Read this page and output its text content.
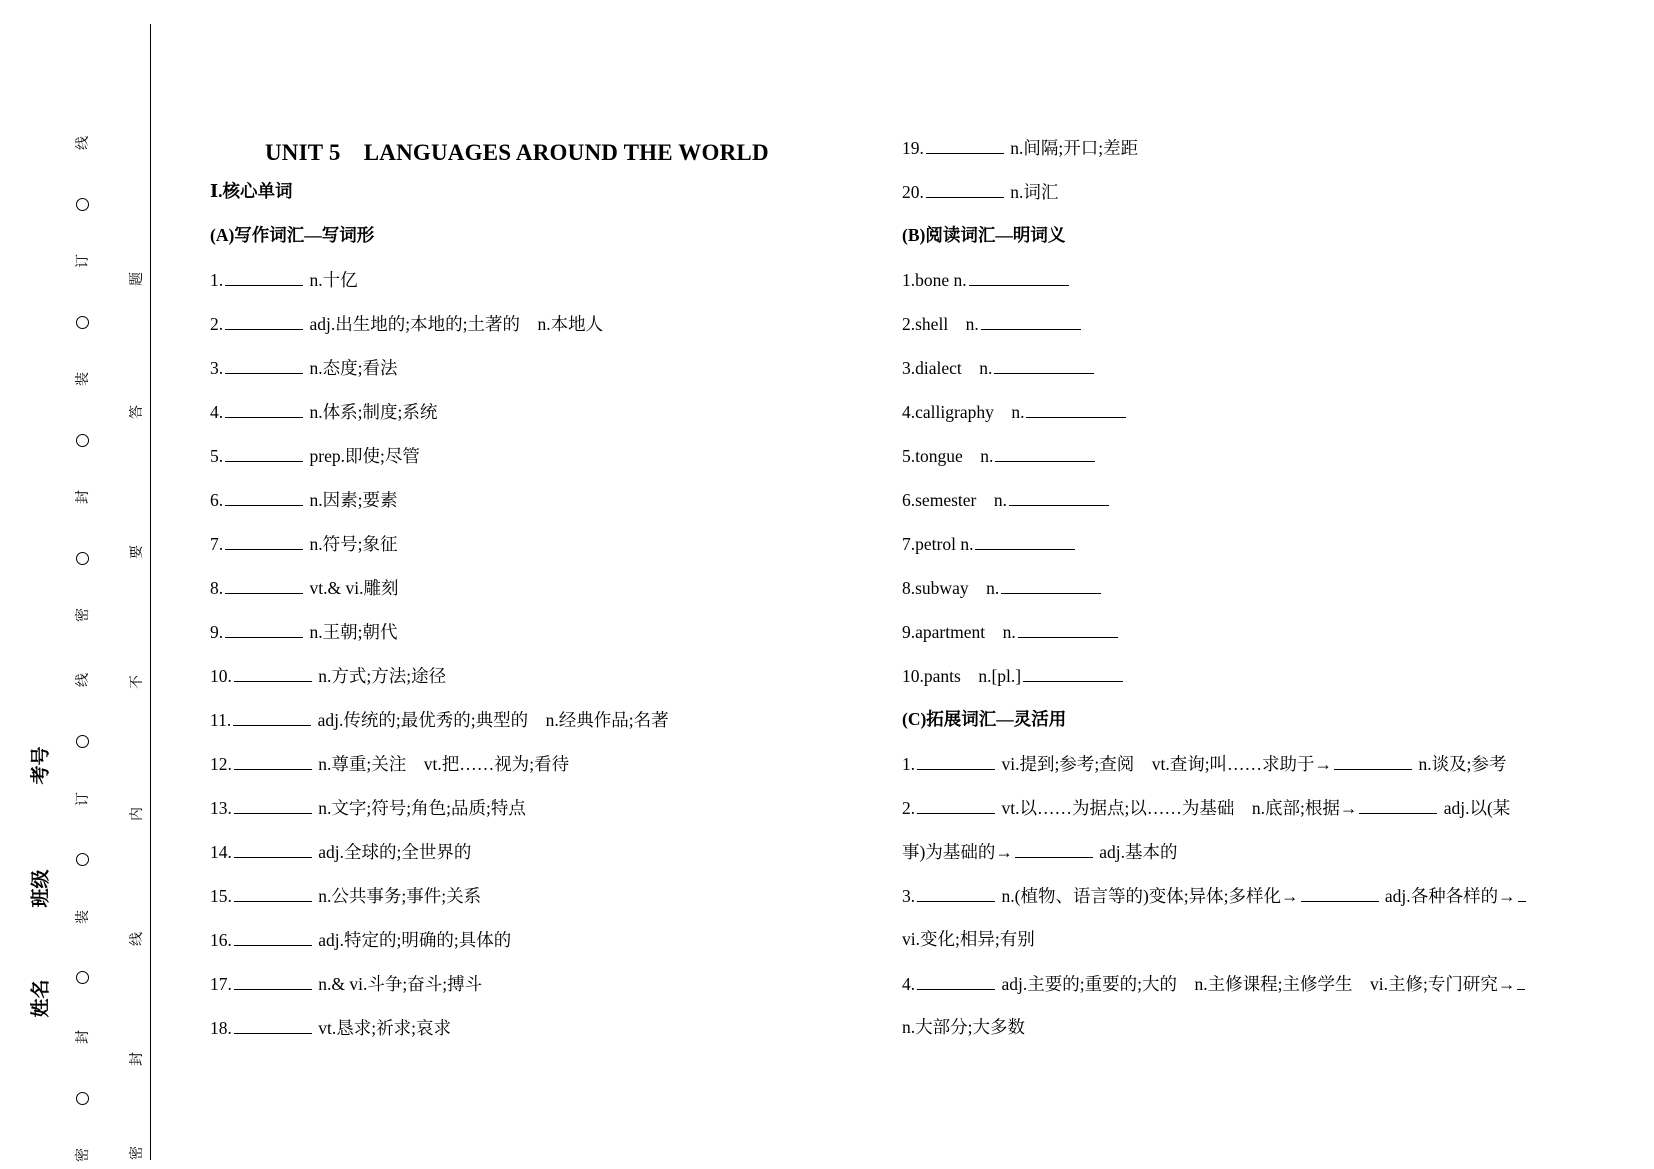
线
订
装
封
密
线
订
装
封
密
题
答
要
不
内
线
封
密
考号
班级
姓名
UNIT 5　LANGUAGES AROUND THE WORLD
Ⅰ.核心单词
(A)写作词汇—写词形
1.	n.十亿
2.	adj.出生地的;本地的;土著的　n.本地人
3.	n.态度;看法
4.	n.体系;制度;系统
5.	prep.即使;尽管
6.	n.因素;要素
7.	n.符号;象征
8.	vt.& vi.雕刻
9.	n.王朝;朝代
10.	n.方式;方法;途径
11.	adj.传统的;最优秀的;典型的　n.经典作品;名著
12.	n.尊重;关注　vt.把……视为;看待
13.	n.文字;符号;角色;品质;特点
14.	adj.全球的;全世界的
15.	n.公共事务;事件;关系
16.	adj.特定的;明确的;具体的
17.	n.& vi.斗争;奋斗;搏斗
18.	vt.恳求;祈求;哀求
19.	n.间隔;开口;差距
20.	n.词汇
(B)阅读词汇—明词义
1.bone n.
2.shell　n.
3.dialect　n.
4.calligraphy　n.
5.tongue　n.
6.semester　n.
7.petrol n.
8.subway　n.
9.apartment　n.
10.pants　n.[pl.]
(C)拓展词汇—灵活用
1.	vi.提到;参考;查阅　vt.查询;叫……求助于→	n.谈及;参考
2.	vt.以……为据点;以……为基础　n.底部;根据→	adj.以(某
事)为基础的→	adj.基本的
3.	n.(植物、语言等的)变体;异体;多样化→	adj.各种各样的→
vi.变化;相异;有别
4.	adj.主要的;重要的;大的　n.主修课程;主修学生　vi.主修;专门研究→
n.大部分;大多数
